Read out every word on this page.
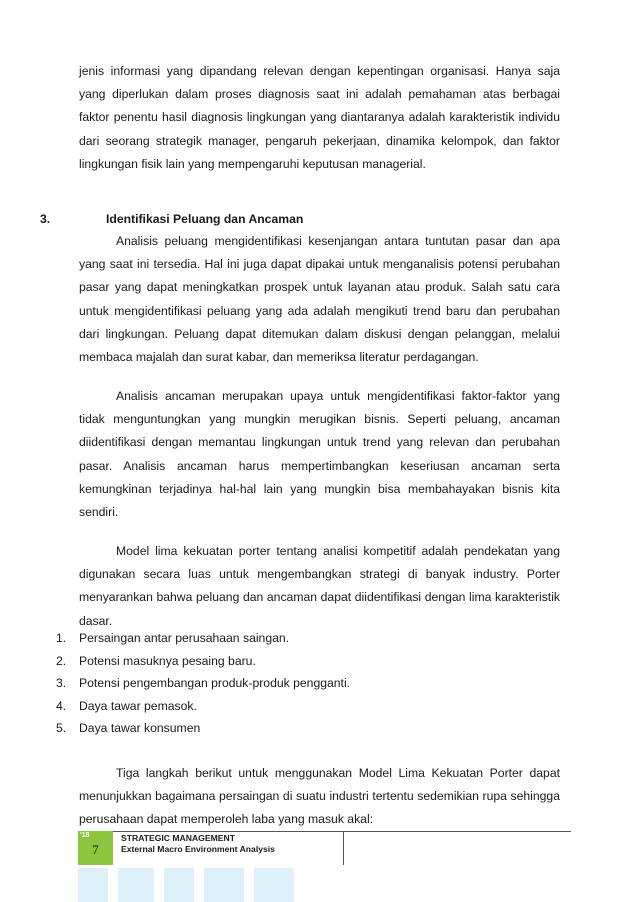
jenis informasi yang dipandang relevan dengan kepentingan organisasi. Hanya saja yang diperlukan dalam proses diagnosis saat ini adalah pemahaman atas berbagai faktor penentu hasil diagnosis lingkungan yang diantaranya adalah karakteristik individu dari seorang strategik manager, pengaruh pekerjaan, dinamika kelompok, dan faktor lingkungan fisik lain yang mempengaruhi keputusan managerial.

3.	Identifikasi Peluang dan Ancaman

Analisis peluang mengidentifikasi kesenjangan antara tuntutan pasar dan apa yang saat ini tersedia. Hal ini juga dapat dipakai untuk menganalisis potensi perubahan pasar yang dapat meningkatkan prospek untuk layanan atau produk. Salah satu cara untuk mengidentifikasi peluang yang ada adalah mengikuti trend baru dan perubahan dari lingkungan. Peluang dapat ditemukan dalam diskusi dengan pelanggan, melalui membaca majalah dan surat kabar, dan memeriksa literatur perdagangan.

Analisis ancaman merupakan upaya untuk mengidentifikasi faktor-faktor yang tidak menguntungkan yang mungkin merugikan bisnis. Seperti peluang, ancaman diidentifikasi dengan memantau lingkungan untuk trend yang relevan dan perubahan pasar. Analisis ancaman harus mempertimbangkan keseriusan ancaman serta kemungkinan terjadinya hal-hal lain yang mungkin bisa membahayakan bisnis kita sendiri.

Model lima kekuatan porter tentang analisi kompetitif adalah pendekatan yang digunakan secara luas untuk mengembangkan strategi di banyak industry. Porter menyarankan bahwa peluang dan ancaman dapat diidentifikasi dengan lima karakteristik dasar.

1. Persaingan antar perusahaan saingan.
2. Potensi masuknya pesaing baru.
3. Potensi pengembangan produk-produk pengganti.
4. Daya tawar pemasok.
5. Daya tawar konsumen

Tiga langkah berikut untuk menggunakan Model Lima Kekuatan Porter dapat menunjukkan bagaimana persaingan di suatu industri tertentu sedemikian rupa sehingga perusahaan dapat memperoleh laba yang masuk akal:

'18
7
STRATEGIC MANAGEMENT
External Macro Environment Analysis
